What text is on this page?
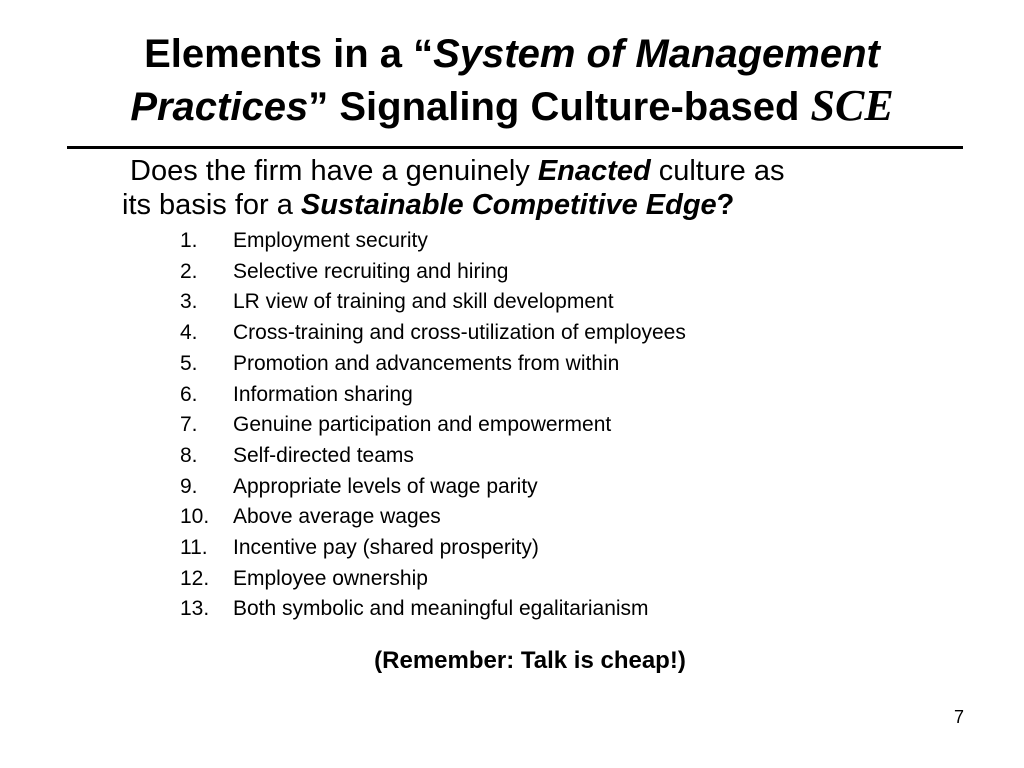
Elements in a “System of Management Practices” Signaling Culture-based SCE

Does the firm have a genuinely Enacted culture as
its basis for a Sustainable Competitive Edge?

1.	Employment security
2.	Selective recruiting and hiring
3.	LR view of training and skill development
4.	Cross-training and cross-utilization of employees
5.	Promotion and advancements from within
6.	Information sharing
7.	Genuine participation and empowerment
8.	Self-directed teams
9.	Appropriate levels of wage parity
10.	Above average wages
11.	Incentive pay (shared prosperity)
12.	Employee ownership
13.	Both symbolic and meaningful egalitarianism

(Remember: Talk is cheap!)

7
